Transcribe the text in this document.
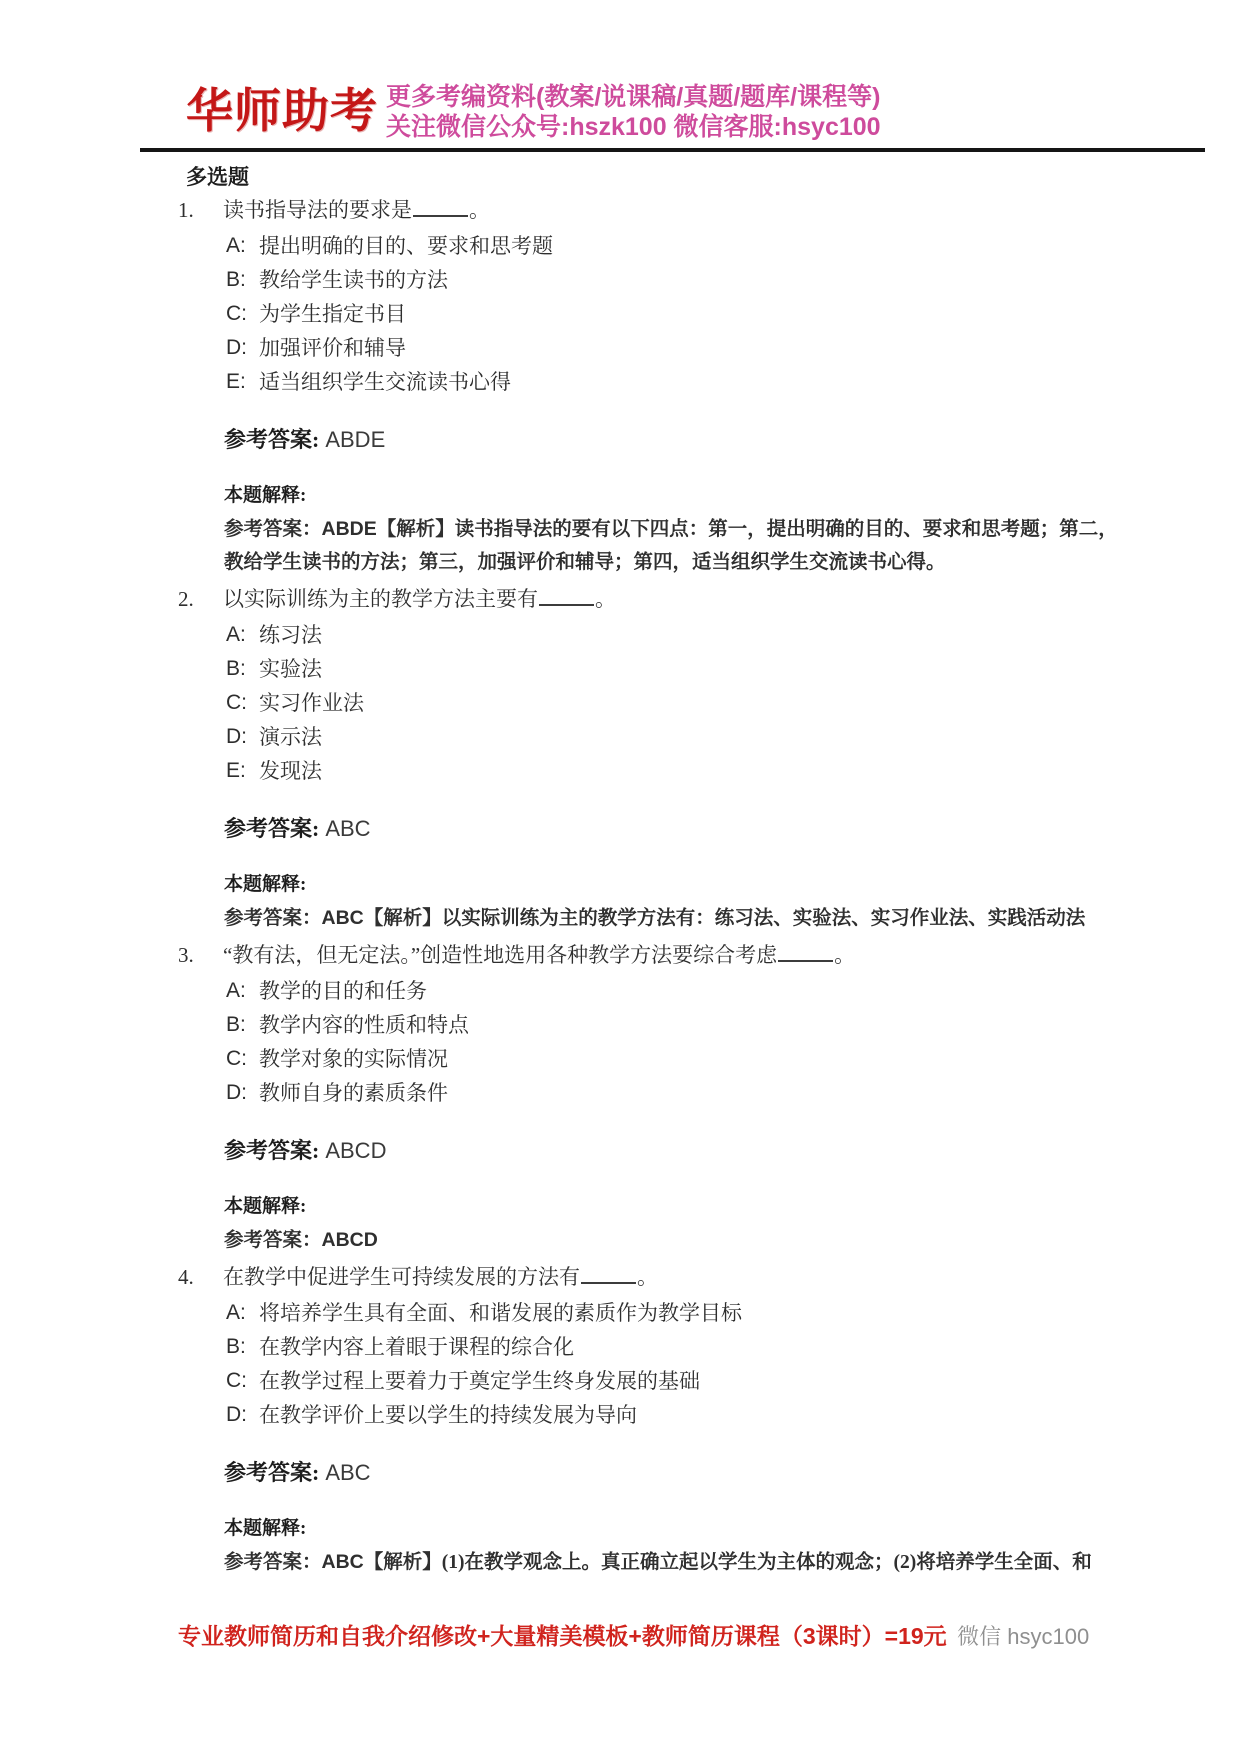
华师助考 更多考编资料(教案/说课稿/真题/题库/课程等)
关注微信公众号:hszk100 微信客服:hsyc100
多选题
1.	读书指导法的要求是	。
A: 提出明确的目的、要求和思考题
B: 教给学生读书的方法
C: 为学生指定书目
D: 加强评价和辅导
E: 适当组织学生交流读书心得
参考答案: ABDE
本题解释:
参考答案：ABDE【解析】读书指导法的要有以下四点：第一，提出明确的目的、要求和思考题；第二，教给学生读书的方法；第三，加强评价和辅导；第四，适当组织学生交流读书心得。
2.	以实际训练为主的教学方法主要有	。
A: 练习法
B: 实验法
C: 实习作业法
D: 演示法
E: 发现法
参考答案: ABC
本题解释:
参考答案：ABC【解析】以实际训练为主的教学方法有：练习法、实验法、实习作业法、实践活动法
3.	“教有法，但无定法。”创造性地选用各种教学方法要综合考虑	。
A: 教学的目的和任务
B: 教学内容的性质和特点
C: 教学对象的实际情况
D: 教师自身的素质条件
参考答案: ABCD
本题解释:
参考答案：ABCD
4.	在教学中促进学生可持续发展的方法有	。
A: 将培养学生具有全面、和谐发展的素质作为教学目标
B: 在教学内容上着眼于课程的综合化
C: 在教学过程上要着力于奠定学生终身发展的基础
D: 在教学评价上要以学生的持续发展为导向
参考答案: ABC
本题解释:
参考答案：ABC【解析】(1)在教学观念上。真正确立起以学生为主体的观念；(2)将培养学生全面、和
专业教师简历和自我介绍修改+大量精美模板+教师简历课程（3课时）=19元 微信 hsyc100
